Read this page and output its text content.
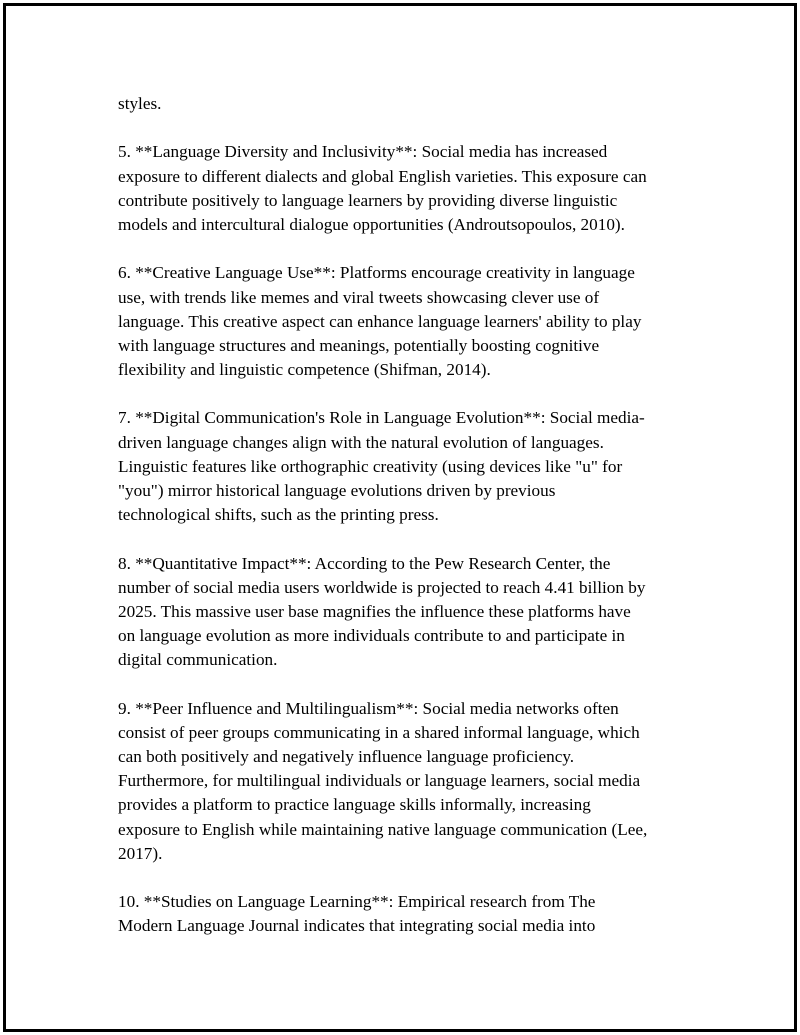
styles.

5. **Language Diversity and Inclusivity**: Social media has increased
exposure to different dialects and global English varieties. This exposure can
contribute positively to language learners by providing diverse linguistic
models and intercultural dialogue opportunities (Androutsopoulos, 2010).

6. **Creative Language Use**: Platforms encourage creativity in language
use, with trends like memes and viral tweets showcasing clever use of
language. This creative aspect can enhance language learners' ability to play
with language structures and meanings, potentially boosting cognitive
flexibility and linguistic competence (Shifman, 2014).

7. **Digital Communication's Role in Language Evolution**: Social media-
driven language changes align with the natural evolution of languages.
Linguistic features like orthographic creativity (using devices like "u" for
"you") mirror historical language evolutions driven by previous
technological shifts, such as the printing press.

8. **Quantitative Impact**: According to the Pew Research Center, the
number of social media users worldwide is projected to reach 4.41 billion by
2025. This massive user base magnifies the influence these platforms have
on language evolution as more individuals contribute to and participate in
digital communication.

9. **Peer Influence and Multilingualism**: Social media networks often
consist of peer groups communicating in a shared informal language, which
can both positively and negatively influence language proficiency.
Furthermore, for multilingual individuals or language learners, social media
provides a platform to practice language skills informally, increasing
exposure to English while maintaining native language communication (Lee,
2017).

10. **Studies on Language Learning**: Empirical research from The
Modern Language Journal indicates that integrating social media into
